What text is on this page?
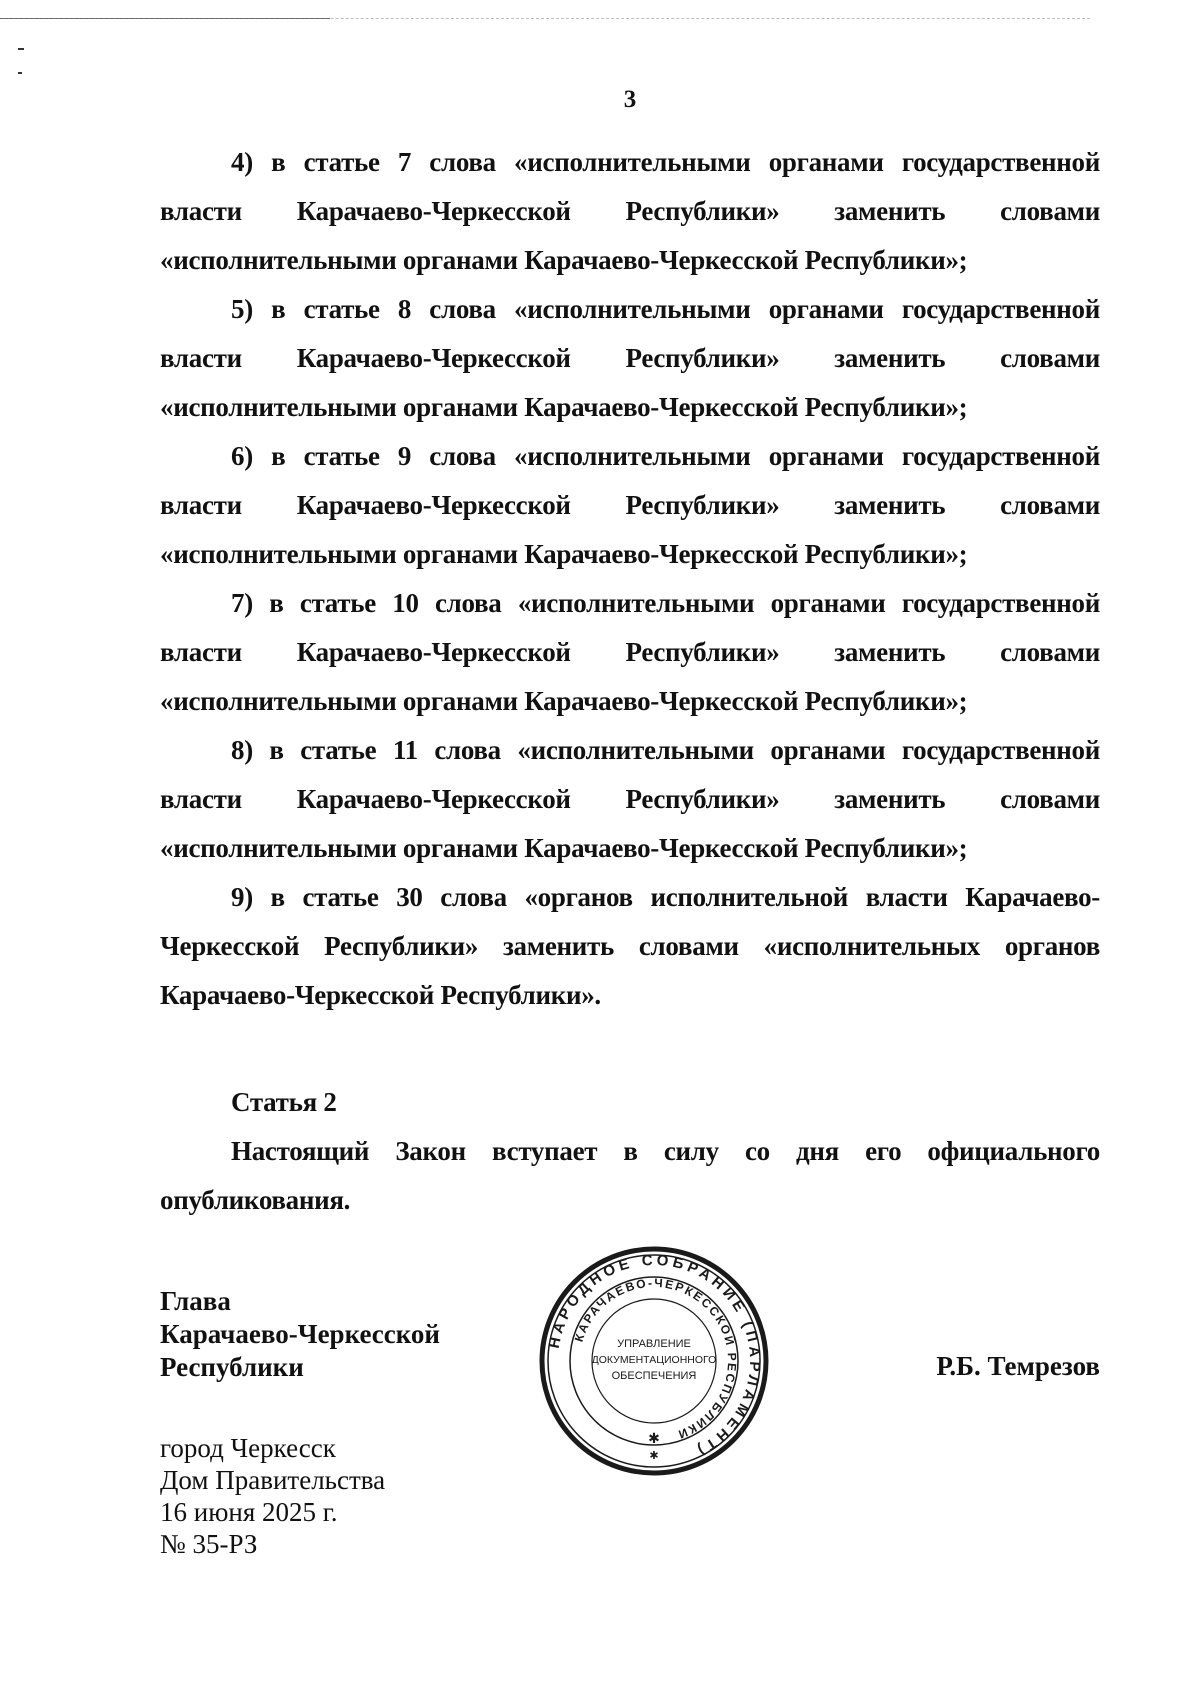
3

4) в статье 7 слова «исполнительными органами государственной власти Карачаево-Черкесской Республики» заменить словами «исполнительными органами Карачаево-Черкесской Республики»;

5) в статье 8 слова «исполнительными органами государственной власти Карачаево-Черкесской Республики» заменить словами «исполнительными органами Карачаево-Черкесской Республики»;

6) в статье 9 слова «исполнительными органами государственной власти Карачаево-Черкесской Республики» заменить словами «исполнительными органами Карачаево-Черкесской Республики»;

7) в статье 10 слова «исполнительными органами государственной власти Карачаево-Черкесской Республики» заменить словами «исполнительными органами Карачаево-Черкесской Республики»;

8) в статье 11 слова «исполнительными органами государственной власти Карачаево-Черкесской Республики» заменить словами «исполнительными органами Карачаево-Черкесской Республики»;

9) в статье 30 слова «органов исполнительной власти Карачаево-Черкесской Республики» заменить словами «исполнительных органов Карачаево-Черкесской Республики».

Статья 2

Настоящий Закон вступает в силу со дня его официального опубликования.

Глава
Карачаево-Черкесской
Республики	Р.Б. Темрезов
город Черкесск
Дом Правительства
16 июня 2025 г.
№ 35-РЗ
НАРОДНОЕ СОБРАНИЕ (ПАРЛАМЕНТ)
КАРАЧАЕВО-ЧЕРКЕССКОЙ РЕСПУБЛИКИ
УПРАВЛЕНИЕ
ДОКУМЕНТАЦИОННОГО
ОБЕСПЕЧЕНИЯ
✱
✱
